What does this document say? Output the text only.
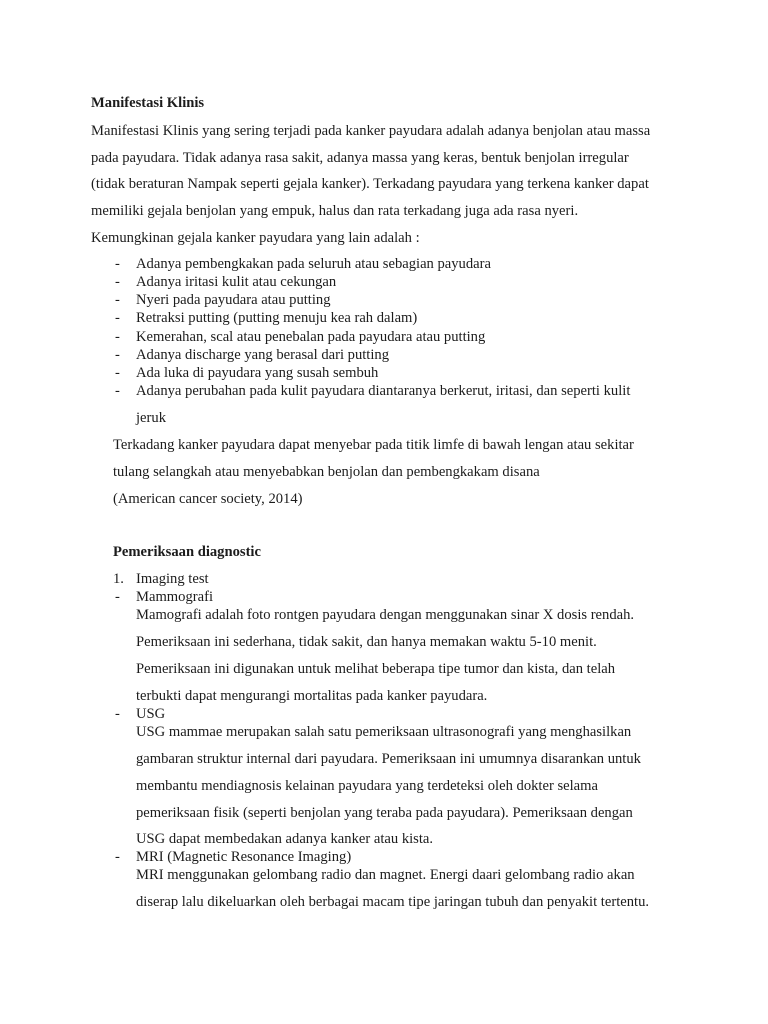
Manifestasi Klinis
Manifestasi Klinis yang sering terjadi pada kanker payudara adalah adanya benjolan atau massa
pada payudara. Tidak adanya rasa sakit, adanya massa yang keras, bentuk benjolan irregular
(tidak beraturan Nampak seperti gejala kanker). Terkadang payudara yang terkena kanker dapat
memiliki gejala benjolan yang empuk, halus dan rata terkadang juga ada rasa nyeri.
Kemungkinan gejala kanker payudara yang lain adalah :
- Adanya pembengkakan pada seluruh atau sebagian payudara
- Adanya iritasi kulit atau cekungan
- Nyeri pada payudara atau putting
- Retraksi putting (putting menuju kea rah dalam)
- Kemerahan, scal atau penebalan pada payudara atau putting
- Adanya discharge yang berasal dari putting
- Ada luka di payudara yang susah sembuh
- Adanya perubahan pada kulit payudara diantaranya berkerut, iritasi, dan seperti kulit
jeruk
Terkadang kanker payudara dapat menyebar pada titik limfe di bawah lengan atau sekitar
tulang selangkah atau menyebabkan benjolan dan pembengkakam disana
(American cancer society, 2014)
Pemeriksaan diagnostic
1. Imaging test
- Mammografi
Mamografi adalah foto rontgen payudara dengan menggunakan sinar X dosis rendah.
Pemeriksaan ini sederhana, tidak sakit, dan hanya memakan waktu 5-10 menit.
Pemeriksaan ini digunakan untuk melihat beberapa tipe tumor dan kista, dan telah
terbukti dapat mengurangi mortalitas pada kanker payudara.
- USG
USG mammae merupakan salah satu pemeriksaan ultrasonografi yang menghasilkan
gambaran struktur internal dari payudara. Pemeriksaan ini umumnya disarankan untuk
membantu mendiagnosis kelainan payudara yang terdeteksi oleh dokter selama
pemeriksaan fisik (seperti benjolan yang teraba pada payudara). Pemeriksaan dengan
USG dapat membedakan adanya kanker atau kista.
- MRI (Magnetic Resonance Imaging)
MRI menggunakan gelombang radio dan magnet. Energi daari gelombang radio akan
diserap lalu dikeluarkan oleh berbagai macam tipe jaringan tubuh dan penyakit tertentu.
